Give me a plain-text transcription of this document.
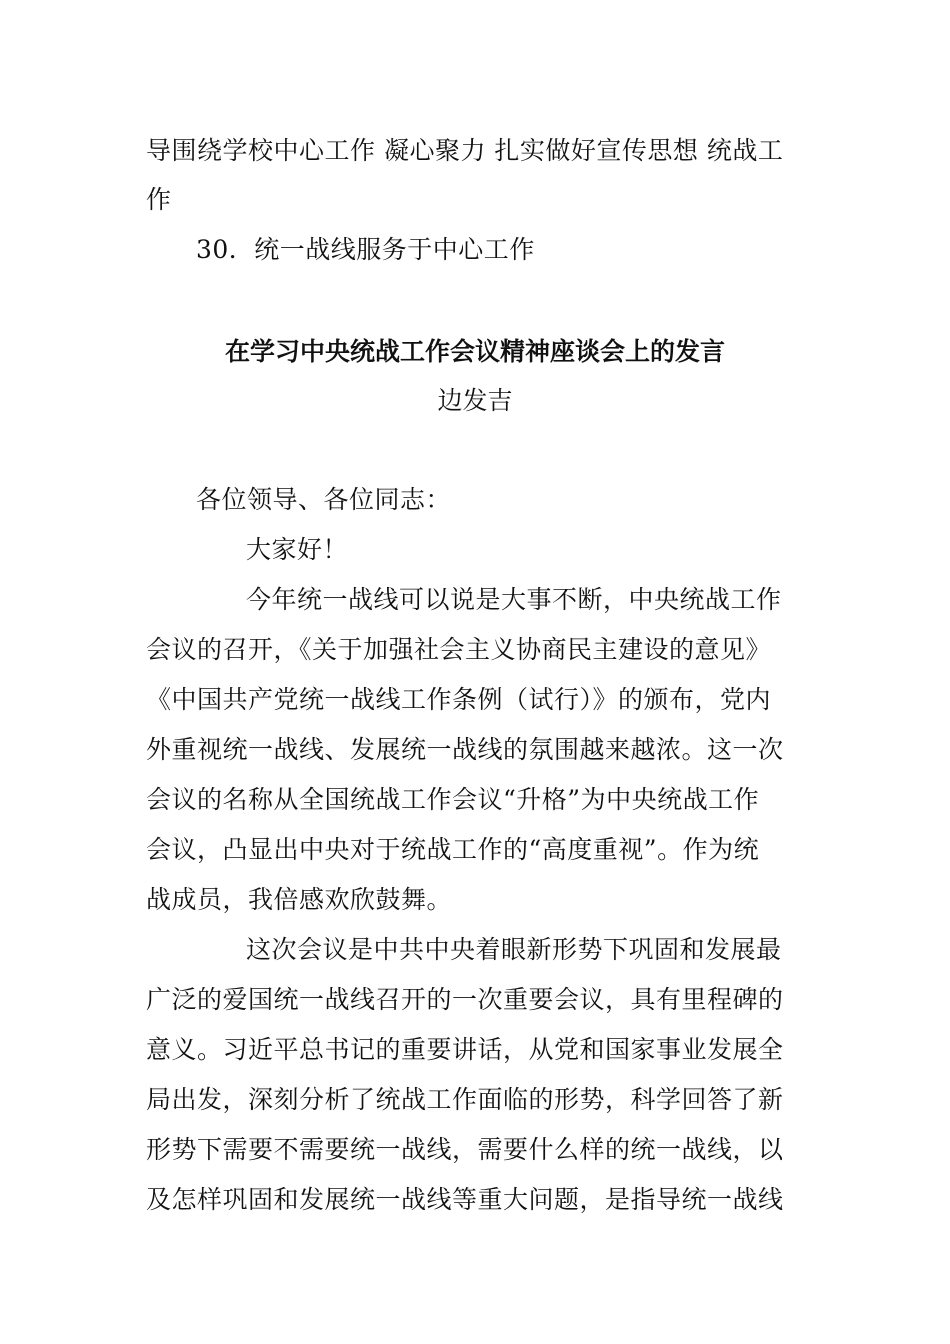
导围绕学校中心工作 凝心聚力 扎实做好宣传思想 统战工
作
30．统一战线服务于中心工作
在学习中央统战工作会议精神座谈会上的发言
边发吉
各位领导、各位同志：
大家好！
今年统一战线可以说是大事不断，中央统战工作
会议的召开，《关于加强社会主义协商民主建设的意见》
《中国共产党统一战线工作条例（试行）》的颁布，党内
外重视统一战线、发展统一战线的氛围越来越浓。这一次
会议的名称从全国统战工作会议“升格”为中央统战工作
会议，凸显出中央对于统战工作的“高度重视”。作为统
战成员，我倍感欢欣鼓舞。
这次会议是中共中央着眼新形势下巩固和发展最
广泛的爱国统一战线召开的一次重要会议，具有里程碑的
意义。习近平总书记的重要讲话，从党和国家事业发展全
局出发，深刻分析了统战工作面临的形势，科学回答了新
形势下需要不需要统一战线，需要什么样的统一战线，以
及怎样巩固和发展统一战线等重大问题，是指导统一战线
